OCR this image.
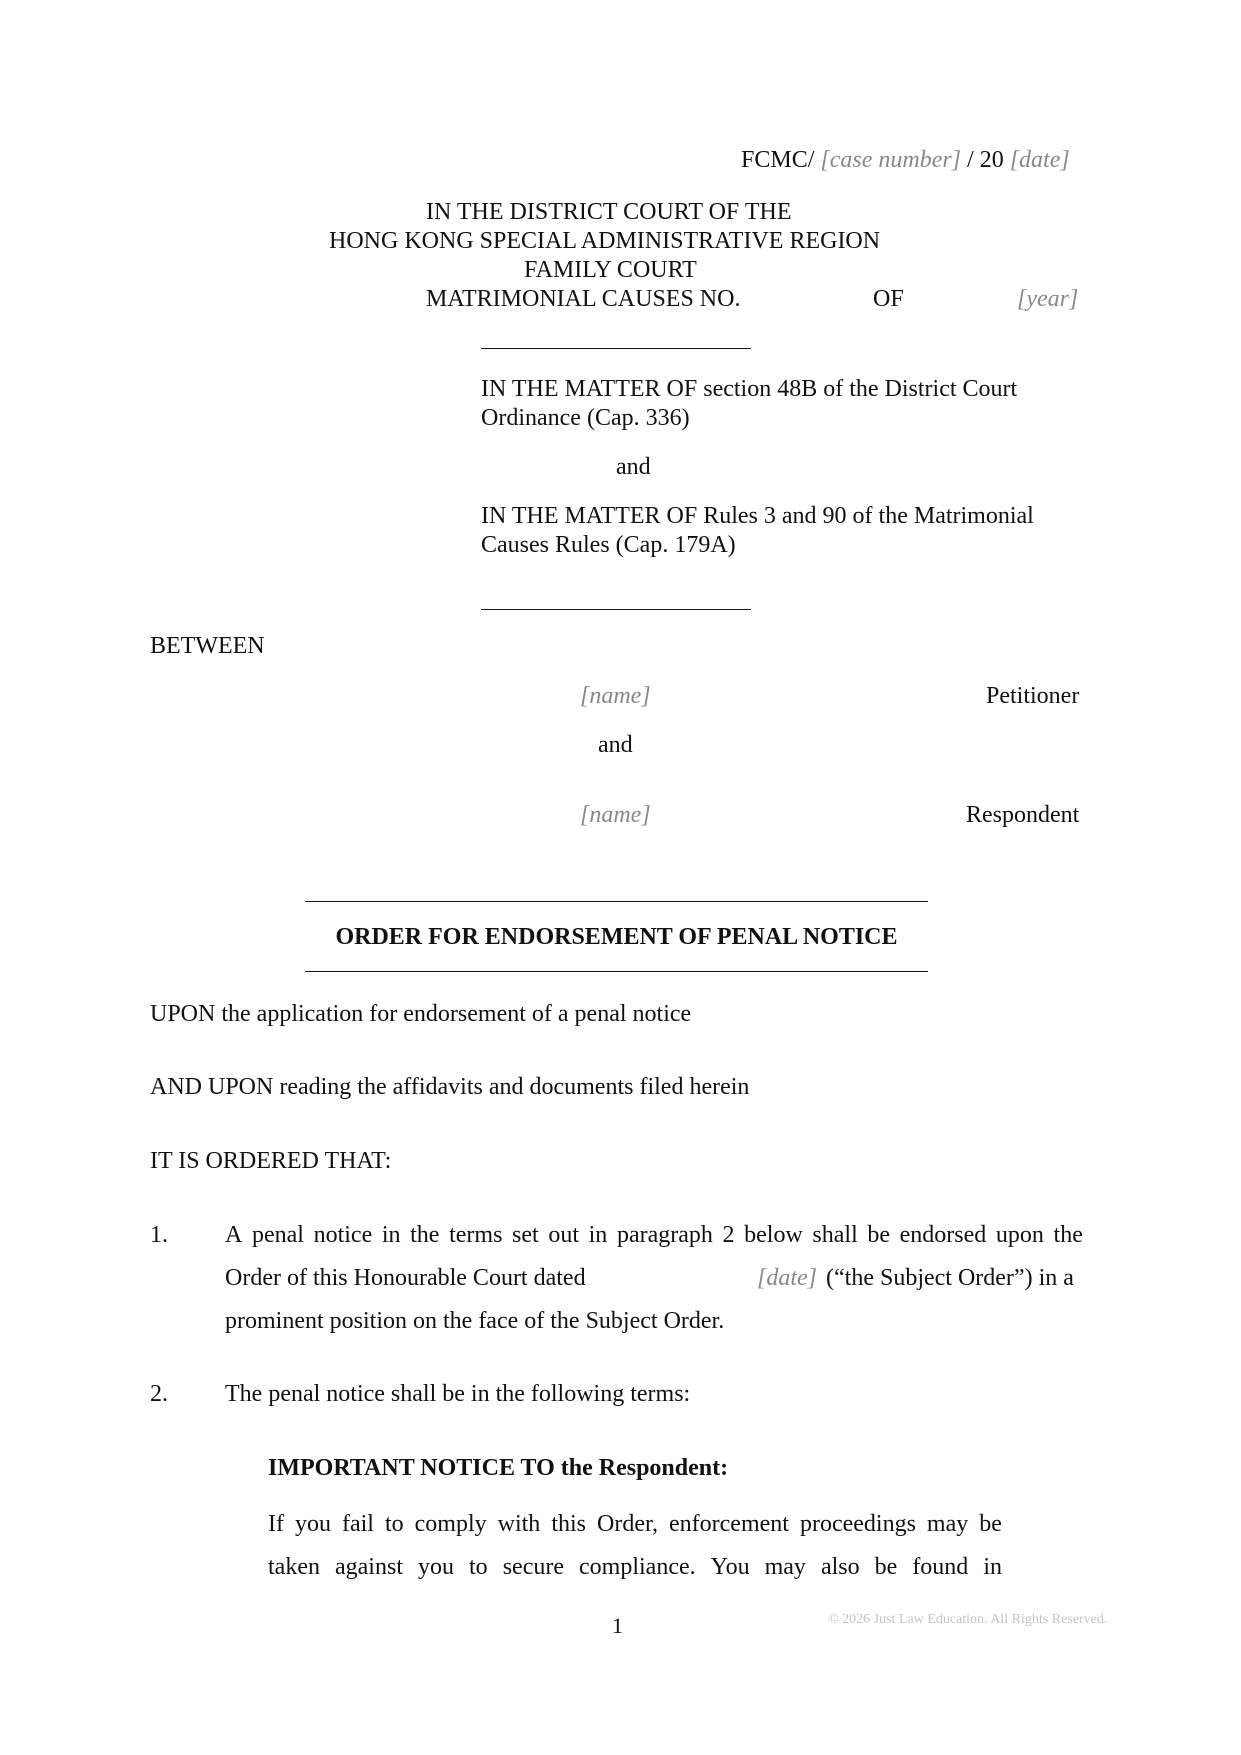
FCMC/ [case number] / 20 [date]
IN THE DISTRICT COURT OF THE
HONG KONG SPECIAL ADMINISTRATIVE REGION
FAMILY COURT
MATRIMONIAL CAUSES NO.	OF	[year]
IN THE MATTER OF section 48B of the District Court
Ordinance (Cap. 336)
and
IN THE MATTER OF Rules 3 and 90 of the Matrimonial
Causes Rules (Cap. 179A)
BETWEEN
[name]	Petitioner
and
[name]	Respondent
ORDER FOR ENDORSEMENT OF PENAL NOTICE
UPON the application for endorsement of a penal notice
AND UPON reading the affidavits and documents filed herein
IT IS ORDERED THAT:
1. A penal notice in the terms set out in paragraph 2 below shall be endorsed upon the
Order of this Honourable Court dated	[date] (“the Subject Order”) in a
prominent position on the face of the Subject Order.
2. The penal notice shall be in the following terms:
IMPORTANT NOTICE TO the Respondent:
If you fail to comply with this Order, enforcement proceedings may be
taken against you to secure compliance. You may also be found in
1	© 2026 Just Law Education. All Rights Reserved.
